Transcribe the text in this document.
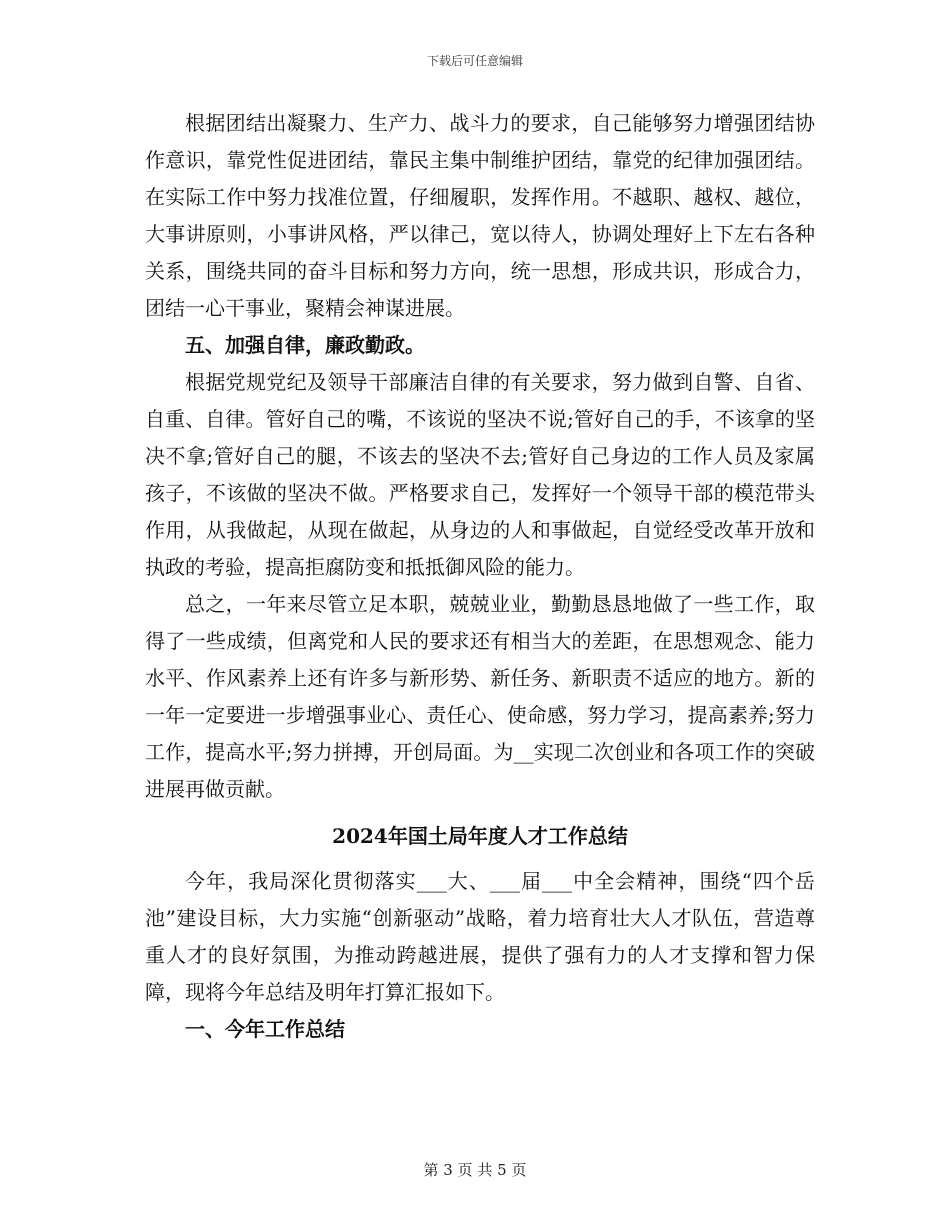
下载后可任意编辑

根据团结出凝聚力、生产力、战斗力的要求，自己能够努力增强团结协作意识，靠党性促进团结，靠民主集中制维护团结，靠党的纪律加强团结。在实际工作中努力找准位置，仔细履职，发挥作用。不越职、越权、越位，大事讲原则，小事讲风格，严以律己，宽以待人，协调处理好上下左右各种关系，围绕共同的奋斗目标和努力方向，统一思想，形成共识，形成合力，团结一心干事业，聚精会神谋进展。

五、加强自律，廉政勤政。

根据党规党纪及领导干部廉洁自律的有关要求，努力做到自警、自省、自重、自律。管好自己的嘴，不该说的坚决不说;管好自己的手，不该拿的坚决不拿;管好自己的腿，不该去的坚决不去;管好自己身边的工作人员及家属孩子，不该做的坚决不做。严格要求自己，发挥好一个领导干部的模范带头作用，从我做起，从现在做起，从身边的人和事做起，自觉经受改革开放和执政的考验，提高拒腐防变和抵抵御风险的能力。

总之，一年来尽管立足本职，兢兢业业，勤勤恳恳地做了一些工作，取得了一些成绩，但离党和人民的要求还有相当大的差距，在思想观念、能力水平、作风素养上还有许多与新形势、新任务、新职责不适应的地方。新的一年一定要进一步增强事业心、责任心、使命感，努力学习，提高素养;努力工作，提高水平;努力拼搏，开创局面。为__实现二次创业和各项工作的突破进展再做贡献。

2024年国土局年度人才工作总结

今年，我局深化贯彻落实___大、___届___中全会精神，围绕“四个岳池”建设目标，大力实施“创新驱动”战略，着力培育壮大人才队伍，营造尊重人才的良好氛围，为推动跨越进展，提供了强有力的人才支撑和智力保障，现将今年总结及明年打算汇报如下。

一、今年工作总结

第 3 页 共 5 页
